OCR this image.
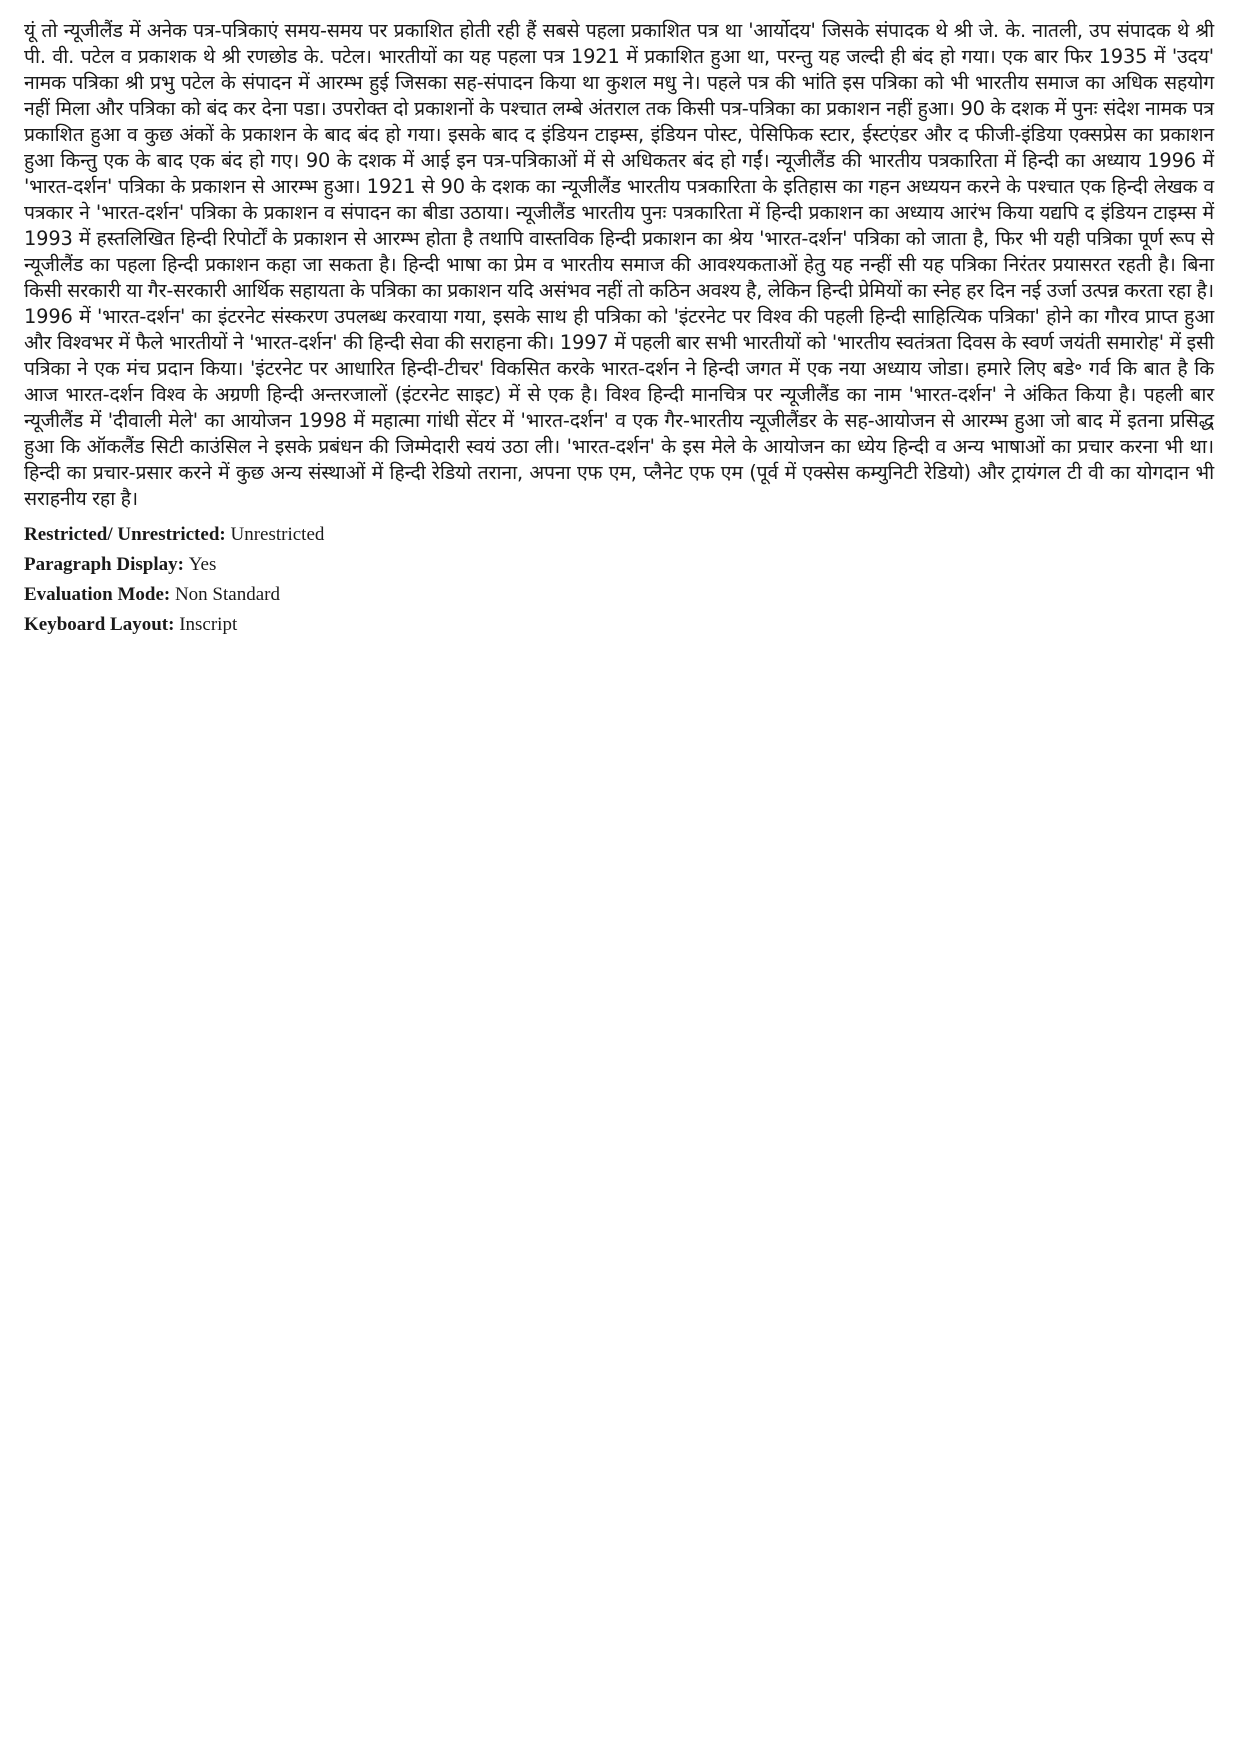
यूं तो न्यूजीलैंड में अनेक पत्र-पत्रिकाएं समय-समय पर प्रकाशित होती रही हैं सबसे पहला प्रकाशित पत्र था 'आर्योदय' जिसके संपादक थे श्री जे. के. नातली, उप संपादक थे श्री पी. वी. पटेल व प्रकाशक थे श्री रणछोड के. पटेल। भारतीयों का यह पहला पत्र 1921 में प्रकाशित हुआ था, परन्तु यह जल्दी ही बंद हो गया। एक बार फिर 1935 में 'उदय' नामक पत्रिका श्री प्रभु पटेल के संपादन में आरम्भ हुई जिसका सह-संपादन किया था कुशल मधु ने। पहले पत्र की भांति इस पत्रिका को भी भारतीय समाज का अधिक सहयोग नहीं मिला और पत्रिका को बंद कर देना पडा। उपरोक्त दो प्रकाशनों के पश्चात लम्बे अंतराल तक किसी पत्र-पत्रिका का प्रकाशन नहीं हुआ। 90 के दशक में पुनः संदेश नामक पत्र प्रकाशित हुआ व कुछ अंकों के प्रकाशन के बाद बंद हो गया। इसके बाद द इंडियन टाइम्स, इंडियन पोस्ट, पेसिफिक स्टार, ईस्टएंडर और द फीजी-इंडिया एक्सप्रेस का प्रकाशन हुआ किन्तु एक के बाद एक बंद हो गए। 90 के दशक में आई इन पत्र-पत्रिकाओं में से अधिकतर बंद हो गईं। न्यूजीलैंड की भारतीय पत्रकारिता में हिन्दी का अध्याय 1996 में 'भारत-दर्शन' पत्रिका के प्रकाशन से आरम्भ हुआ। 1921 से 90 के दशक का न्यूजीलैंड भारतीय पत्रकारिता के इतिहास का गहन अध्ययन करने के पश्चात एक हिन्दी लेखक व पत्रकार ने 'भारत-दर्शन' पत्रिका के प्रकाशन व संपादन का बीडा उठाया। न्यूजीलैंड भारतीय पुनः पत्रकारिता में हिन्दी प्रकाशन का अध्याय आरंभ किया यद्यपि द इंडियन टाइम्स में 1993 में हस्तलिखित हिन्दी रिपोर्टों के प्रकाशन से आरम्भ होता है तथापि वास्तविक हिन्दी प्रकाशन का श्रेय 'भारत-दर्शन' पत्रिका को जाता है, फिर भी यही पत्रिका पूर्ण रूप से न्यूजीलैंड का पहला हिन्दी प्रकाशन कहा जा सकता है। हिन्दी भाषा का प्रेम व भारतीय समाज की आवश्यकताओं हेतु यह नन्हीं सी यह पत्रिका निरंतर प्रयासरत रहती है। बिना किसी सरकारी या गैर-सरकारी आर्थिक सहायता के पत्रिका का प्रकाशन यदि असंभव नहीं तो कठिन अवश्य है, लेकिन हिन्दी प्रेमियों का स्नेह हर दिन नई उर्जा उत्पन्न करता रहा है। 1996 में 'भारत-दर्शन' का इंटरनेट संस्करण उपलब्ध करवाया गया, इसके साथ ही पत्रिका को 'इंटरनेट पर विश्व की पहली हिन्दी साहित्यिक पत्रिका' होने का गौरव प्राप्त हुआ और विश्वभर में फैले भारतीयों ने 'भारत-दर्शन' की हिन्दी सेवा की सराहना की। 1997 में पहली बार सभी भारतीयों को 'भारतीय स्वतंत्रता दिवस के स्वर्ण जयंती समारोह' में इसी पत्रिका ने एक मंच प्रदान किया। 'इंटरनेट पर आधारित हिन्दी-टीचर' विकसित करके भारत-दर्शन ने हिन्दी जगत में एक नया अध्याय जोडा। हमारे लिए बडे॰ गर्व कि बात है कि आज भारत-दर्शन विश्व के अग्रणी हिन्दी अन्तरजालों (इंटरनेट साइट) में से एक है। विश्व हिन्दी मानचित्र पर न्यूजीलैंड का नाम 'भारत-दर्शन' ने अंकित किया है। पहली बार न्यूजीलैंड में 'दीवाली मेले' का आयोजन 1998 में महात्मा गांधी सेंटर में 'भारत-दर्शन' व एक गैर-भारतीय न्यूजीलैंडर के सह-आयोजन से आरम्भ हुआ जो बाद में इतना प्रसिद्ध हुआ कि ऑकलैंड सिटी काउंसिल ने इसके प्रबंधन की जिम्मेदारी स्वयं उठा ली। 'भारत-दर्शन' के इस मेले के आयोजन का ध्येय हिन्दी व अन्य भाषाओं का प्रचार करना भी था। हिन्दी का प्रचार-प्रसार करने में कुछ अन्य संस्थाओं में हिन्दी रेडियो तराना, अपना एफ एम, प्लैनेट एफ एम (पूर्व में एक्सेस कम्युनिटी रेडियो) और ट्रायंगल टी वी का योगदान भी सराहनीय रहा है।

Restricted/ Unrestricted: Unrestricted

Paragraph Display: Yes

Evaluation Mode: Non Standard

Keyboard Layout: Inscript
